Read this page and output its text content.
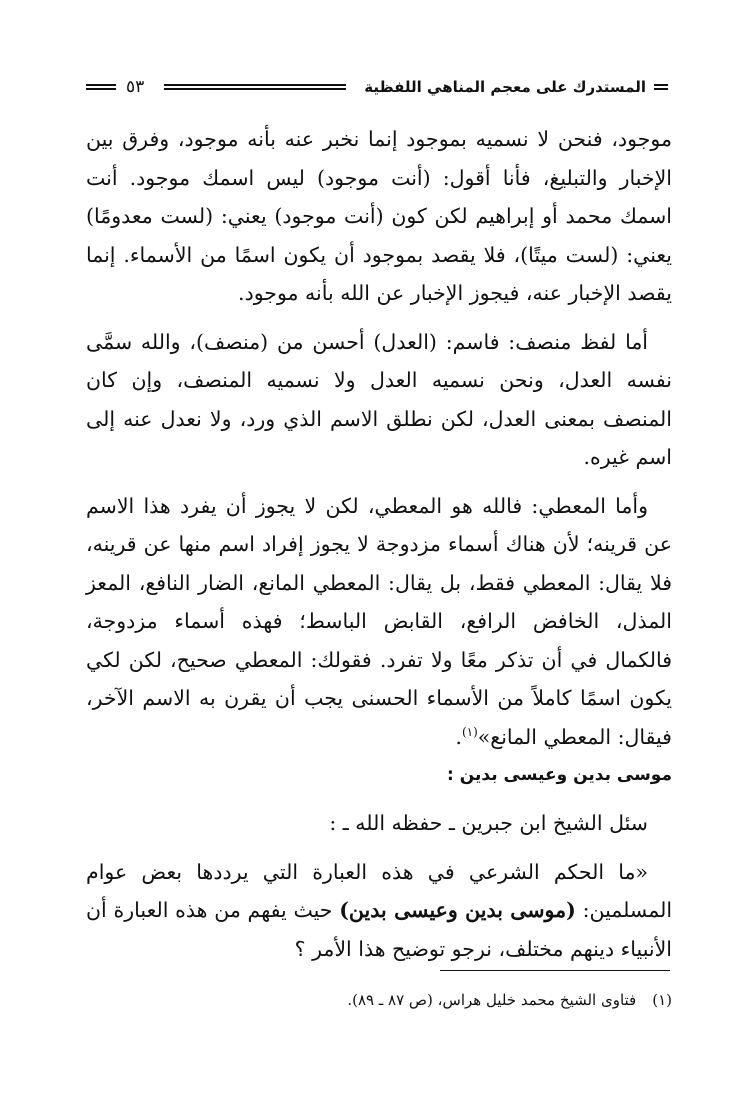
المستدرك على معجم المناهي اللفظية
٥٣

موجود، فنحن لا نسميه بموجود إنما نخبر عنه بأنه موجود، وفرق بين الإخبار والتبليغ، فأنا أقول: (أنت موجود) ليس اسمك موجود. أنت اسمك محمد أو إبراهيم لكن كون (أنت موجود) يعني: (لست معدومًا) يعني: (لست ميتًا)، فلا يقصد بموجود أن يكون اسمًا من الأسماء. إنما يقصد الإخبار عنه، فيجوز الإخبار عن الله بأنه موجود.

أما لفظ منصف: فاسم: (العدل) أحسن من (منصف)، والله سمَّى نفسه العدل، ونحن نسميه العدل ولا نسميه المنصف، وإن كان المنصف بمعنى العدل، لكن نطلق الاسم الذي ورد، ولا نعدل عنه إلى اسم غيره.

وأما المعطي: فالله هو المعطي، لكن لا يجوز أن يفرد هذا الاسم عن قرينه؛ لأن هناك أسماء مزدوجة لا يجوز إفراد اسم منها عن قرينه، فلا يقال: المعطي فقط، بل يقال: المعطي المانع، الضار النافع، المعز المذل، الخافض الرافع، القابض الباسط؛ فهذه أسماء مزدوجة، فالكمال في أن تذكر معًا ولا تفرد. فقولك: المعطي صحيح، لكن لكي يكون اسمًا كاملاً من الأسماء الحسنى يجب أن يقرن به الاسم الآخر، فيقال: المعطي المانع»$^{(١)}$.

موسى بدين وعيسى بدين :

سئل الشيخ ابن جبرين ـ حفظه الله ـ :

«ما الحكم الشرعي في هذه العبارة التي يرددها بعض عوام المسلمين: (موسى بدين وعيسى بدين) حيث يفهم من هذه العبارة أن الأنبياء دينهم مختلف، نرجو توضيح هذا الأمر ؟

(١)فتاوى الشيخ محمد خليل هراس، (ص ٨٧ ـ ٨٩).
